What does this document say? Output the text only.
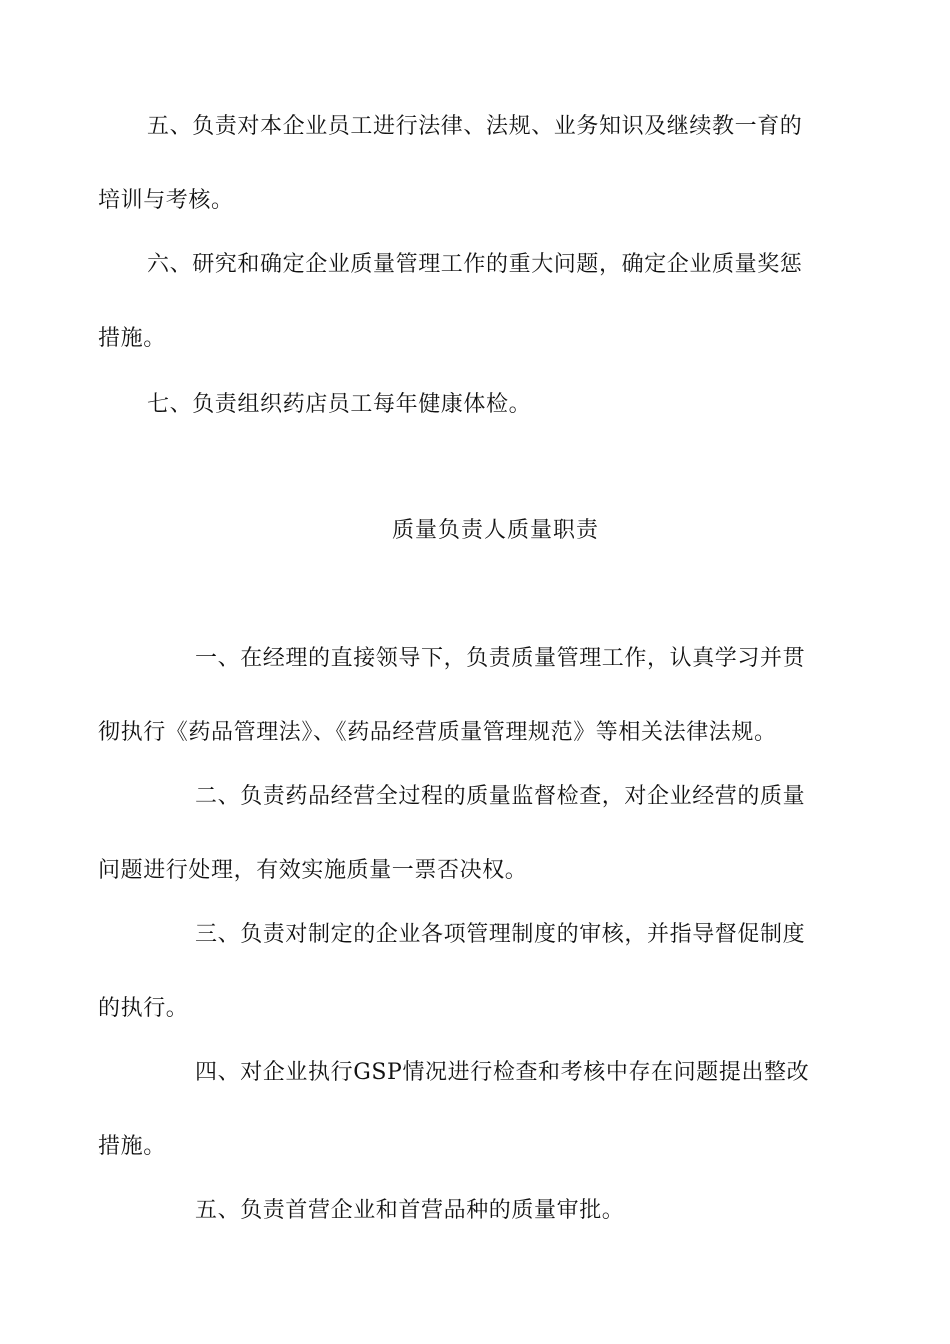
五、负责对本企业员工进行法律、法规、业务知识及继续教一育的
培训与考核。
六、研究和确定企业质量管理工作的重大问题，确定企业质量奖惩
措施。
七、负责组织药店员工每年健康体检。
质量负责人质量职责
一、在经理的直接领导下，负责质量管理工作，认真学习并贯
彻执行《药品管理法》、《药品经营质量管理规范》等相关法律法规。
二、负责药品经营全过程的质量监督检查，对企业经营的质量
问题进行处理，有效实施质量一票否决权。
三、负责对制定的企业各项管理制度的审核，并指导督促制度
的执行。
四、对企业执行GSP情况进行检查和考核中存在问题提出整改
措施。
五、负责首营企业和首营品种的质量审批。
